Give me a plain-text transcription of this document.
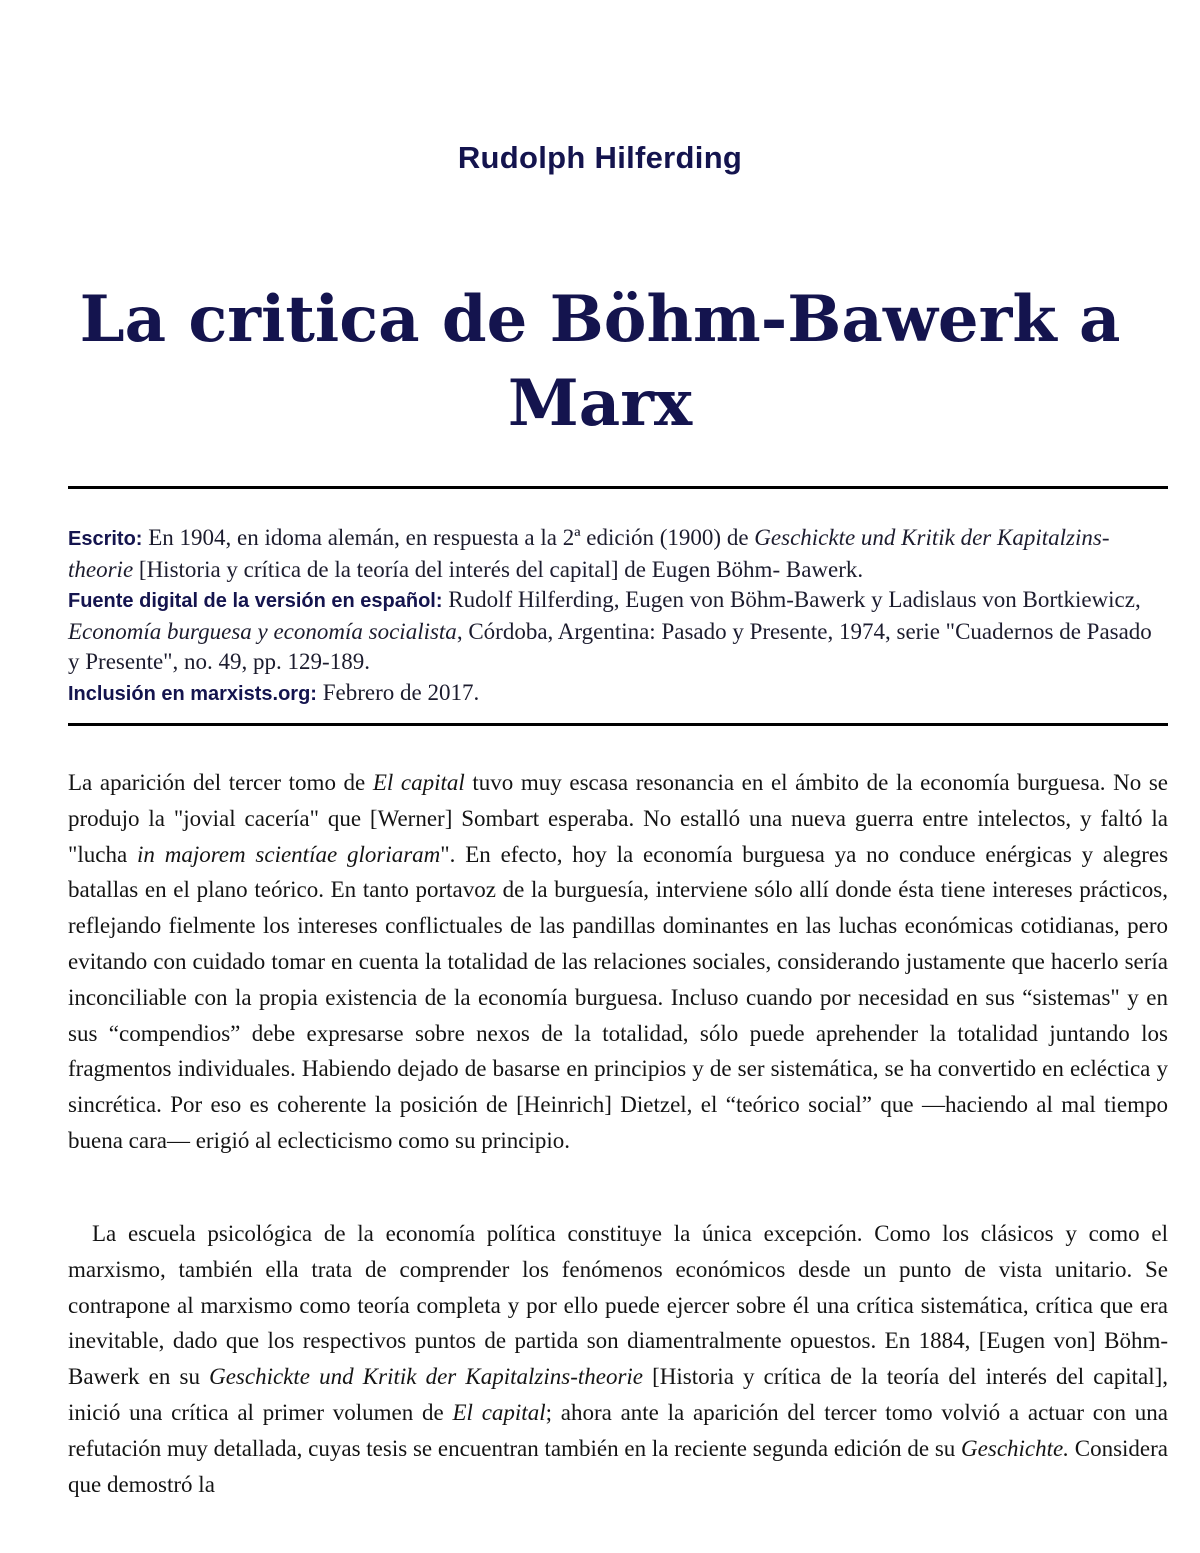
Rudolph Hilferding
La critica de Böhm-Bawerk a Marx
Escrito: En 1904, en idoma alemán, en respuesta a la 2ª edición (1900) de Geschickte und Kritik der Kapitalzins-theorie [Historia y crítica de la teoría del interés del capital] de Eugen Böhm- Bawerk.
Fuente digital de la versión en español: Rudolf Hilferding, Eugen von Böhm-Bawerk y Ladislaus von Bortkiewicz, Economía burguesa y economía socialista, Córdoba, Argentina: Pasado y Presente, 1974, serie "Cuadernos de Pasado y Presente", no. 49, pp. 129-189.
Inclusión en marxists.org: Febrero de 2017.

La aparición del tercer tomo de El capital tuvo muy escasa resonancia en el ámbito de la economía burguesa. No se produjo la "jovial cacería" que [Werner] Sombart esperaba. No estalló una nueva guerra entre intelectos, y faltó la "lucha in majorem scientíae gloriaram". En efecto, hoy la economía burguesa ya no conduce enérgicas y alegres batallas en el plano teórico. En tanto portavoz de la burguesía, interviene sólo allí donde ésta tiene intereses prácticos, reflejando fielmente los intereses conflictuales de las pandillas dominantes en las luchas económicas cotidianas, pero evitando con cuidado tomar en cuenta la totalidad de las relaciones sociales, considerando justamente que hacerlo sería inconciliable con la propia existencia de la economía burguesa. Incluso cuando por necesidad en sus “sistemas" y en sus “compendios” debe expresarse sobre nexos de la totalidad, sólo puede aprehender la totalidad juntando los fragmentos individuales. Habiendo dejado de basarse en principios y de ser sistemática, se ha convertido en ecléctica y sincrética. Por eso es coherente la posición de [Heinrich] Dietzel, el “teórico social” que —haciendo al mal tiempo buena cara— erigió al eclecticismo como su principio.

La escuela psicológica de la economía política constituye la única excepción. Como los clásicos y como el marxismo, también ella trata de comprender los fenómenos económicos desde un punto de vista unitario. Se contrapone al marxismo como teoría completa y por ello puede ejercer sobre él una crítica sistemática, crítica que era inevitable, dado que los respectivos puntos de partida son diamentralmente opuestos. En 1884, [Eugen von] Böhm-Bawerk en su Geschickte und Kritik der Kapitalzins-theorie [Historia y crítica de la teoría del interés del capital], inició una crítica al primer volumen de El capital; ahora ante la aparición del tercer tomo volvió a actuar con una refutación muy detallada, cuyas tesis se encuentran también en la reciente segunda edición de su Geschichte. Considera que demostró la
